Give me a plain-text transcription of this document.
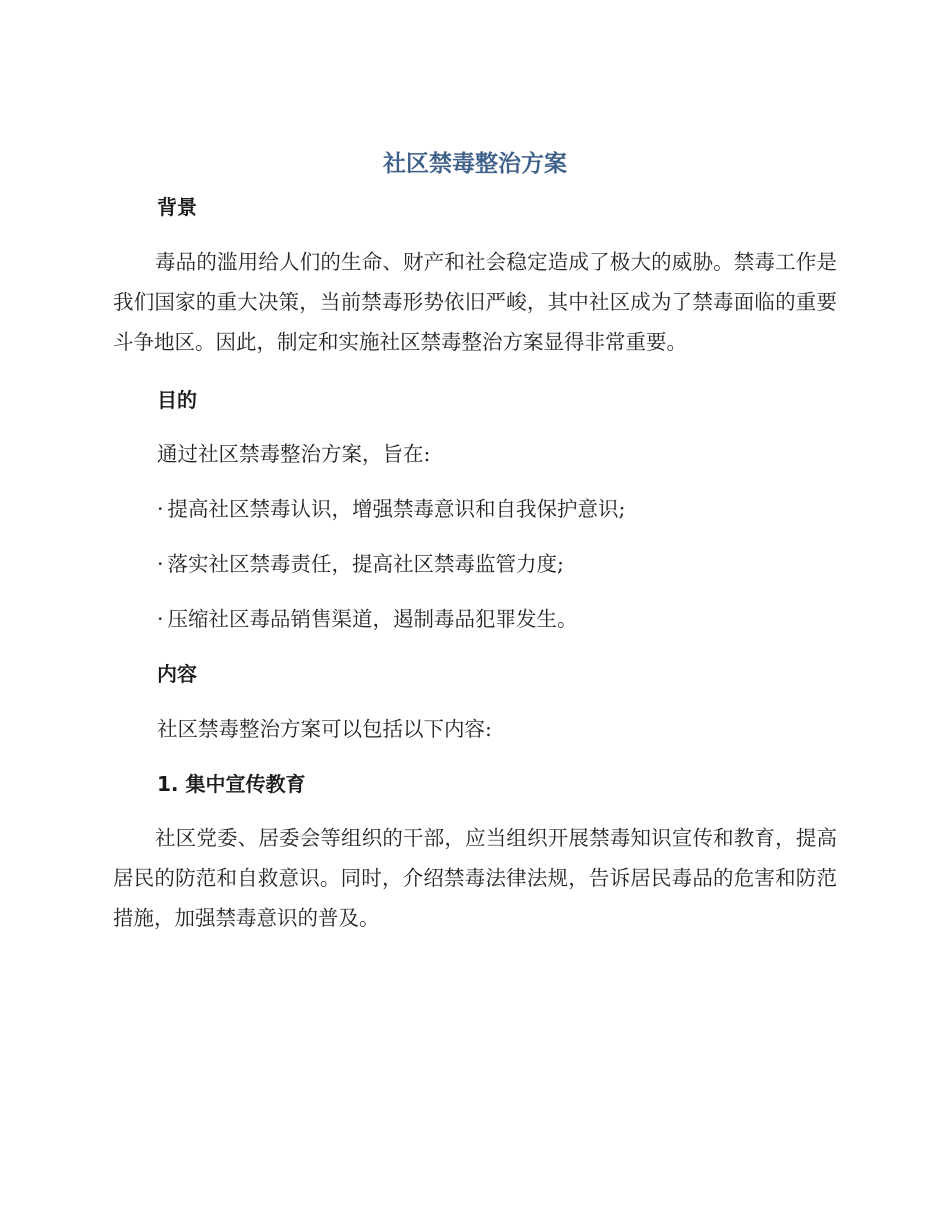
社区禁毒整治方案
背景
毒品的滥用给人们的生命、财产和社会稳定造成了极大的威胁。禁毒工作是我们国家的重大决策，当前禁毒形势依旧严峻，其中社区成为了禁毒面临的重要斗争地区。因此，制定和实施社区禁毒整治方案显得非常重要。
目的
通过社区禁毒整治方案，旨在:
· 提高社区禁毒认识，增强禁毒意识和自我保护意识;
· 落实社区禁毒责任，提高社区禁毒监管力度;
· 压缩社区毒品销售渠道，遏制毒品犯罪发生。
内容
社区禁毒整治方案可以包括以下内容:
1. 集中宣传教育
社区党委、居委会等组织的干部，应当组织开展禁毒知识宣传和教育，提高居民的防范和自救意识。同时，介绍禁毒法律法规，告诉居民毒品的危害和防范措施，加强禁毒意识的普及。
